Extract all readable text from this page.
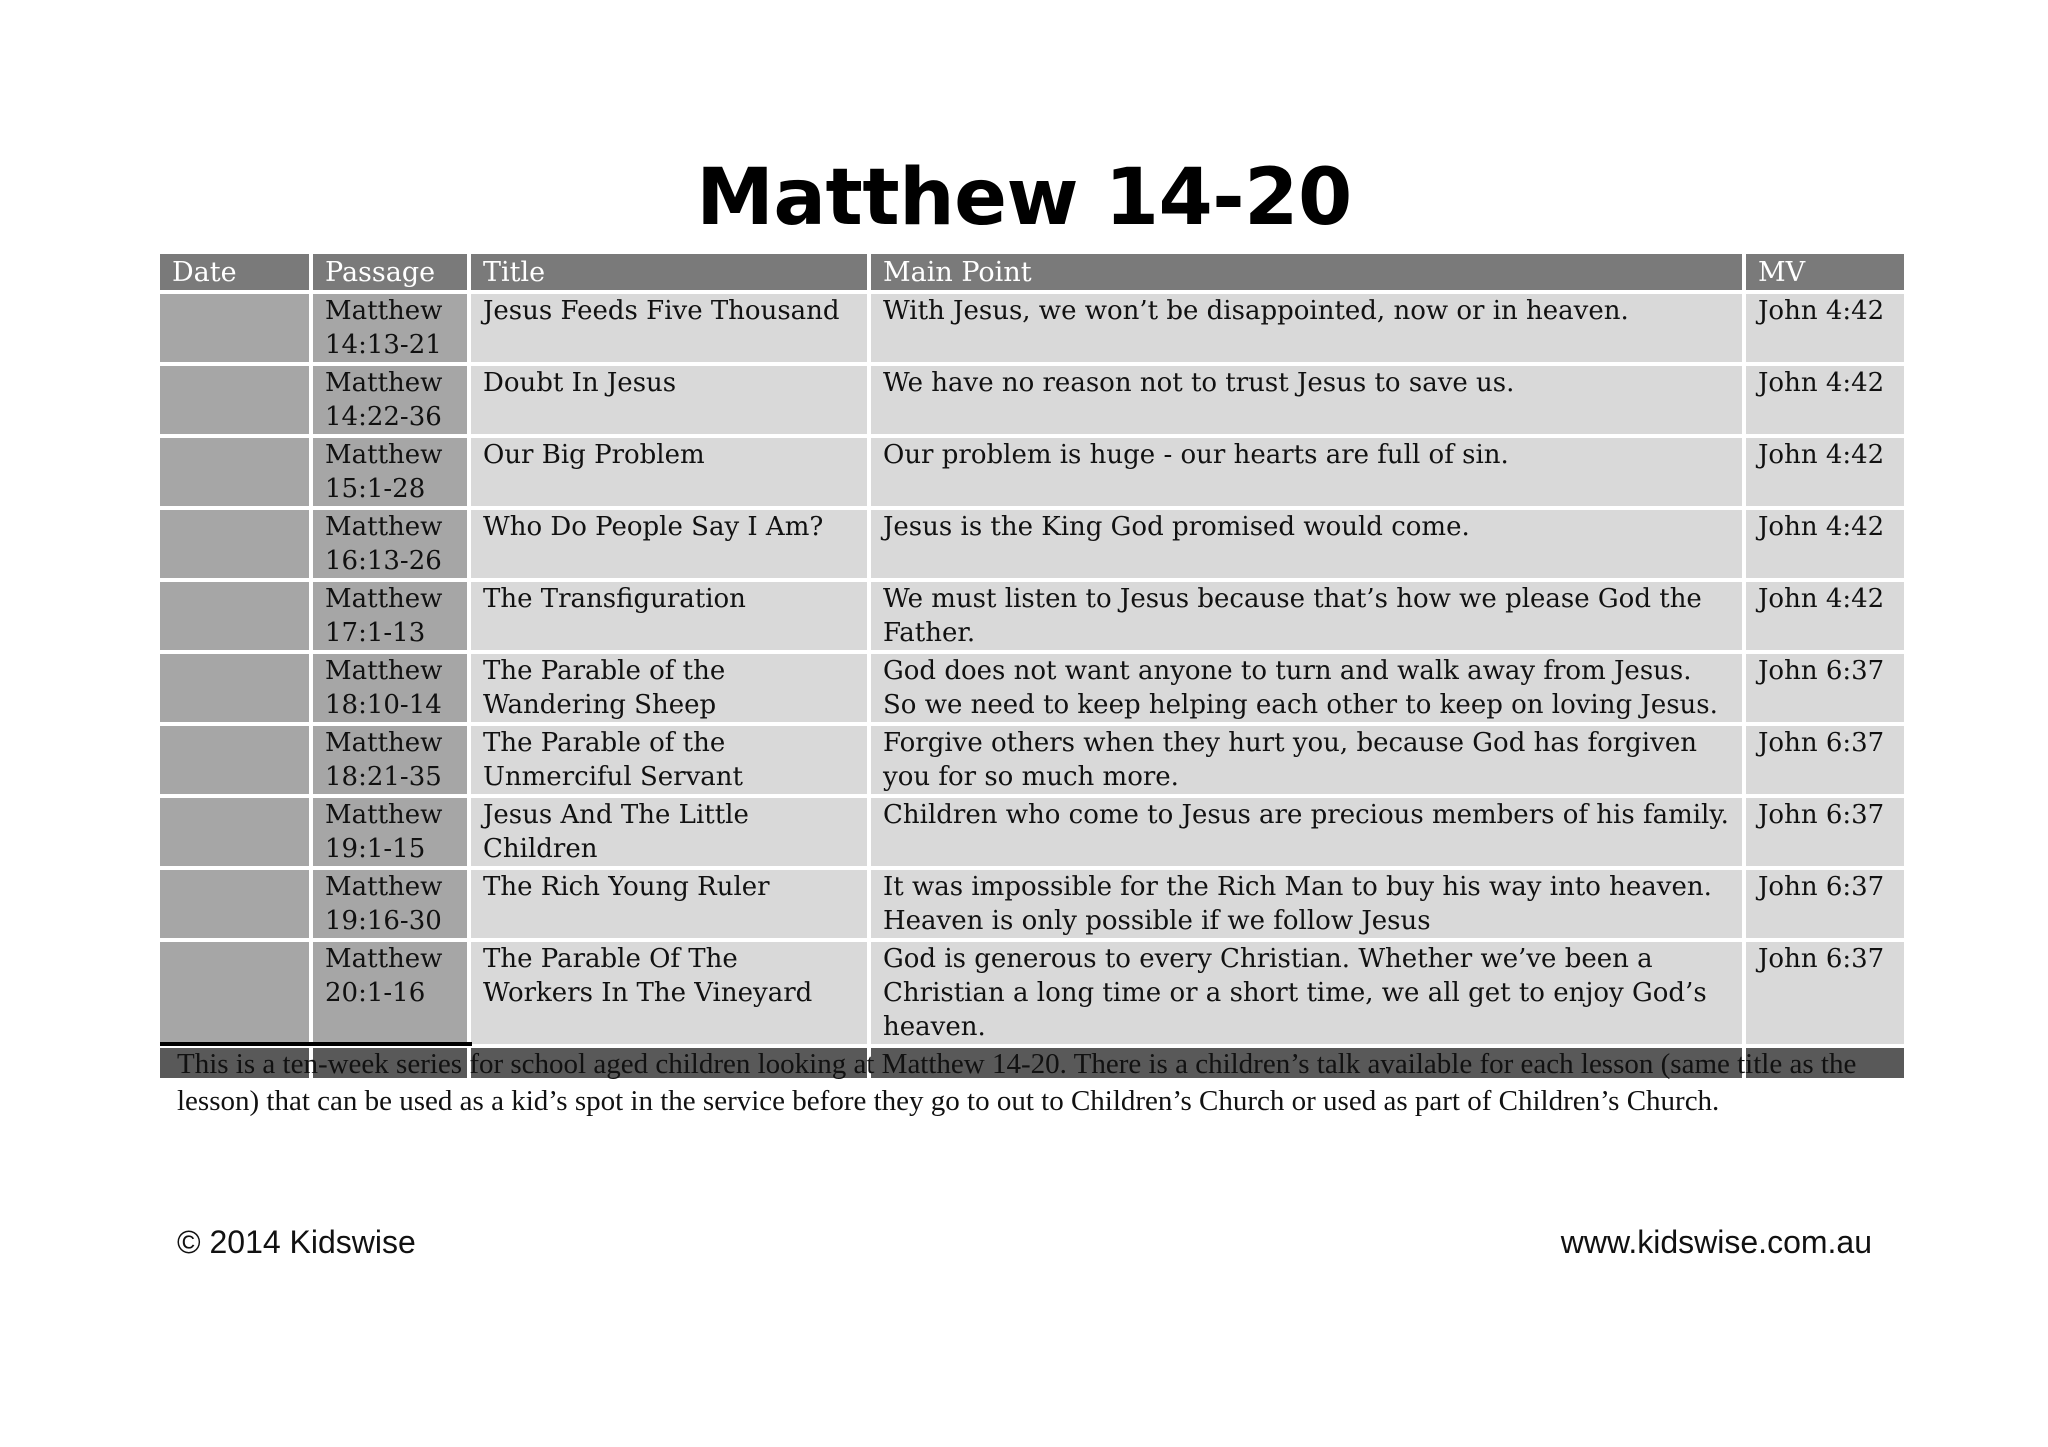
Matthew 14-20
Date	Passage	Title	Main Point	MV
	Matthew 14:13-21	Jesus Feeds Five Thousand	With Jesus, we won’t be disappointed, now or in heaven.	John 4:42
	Matthew 14:22-36	Doubt In Jesus	We have no reason not to trust Jesus to save us.	John 4:42
	Matthew 15:1-28	Our Big Problem	Our problem is huge - our hearts are full of sin.	John 4:42
	Matthew 16:13-26	Who Do People Say I Am?	Jesus is the King God promised would come.	John 4:42
	Matthew 17:1-13	The Transfiguration	We must listen to Jesus because that’s how we please God the Father.	John 4:42
	Matthew 18:10-14	The Parable of the Wandering Sheep	God does not want anyone to turn and walk away from Jesus. So we need to keep helping each other to keep on loving Jesus.	John 6:37
	Matthew 18:21-35	The Parable of the Unmerciful Servant	Forgive others when they hurt you, because God has forgiven you for so much more.	John 6:37
	Matthew 19:1-15	Jesus And The Little Children	Children who come to Jesus are precious members of his family.	John 6:37
	Matthew 19:16-30	The Rich Young Ruler	It was impossible for the Rich Man to buy his way into heaven. Heaven is only possible if we follow Jesus	John 6:37
	Matthew 20:1-16	The Parable Of The Workers In The Vineyard	God is generous to every Christian. Whether we’ve been a Christian a long time or a short time, we all get to enjoy God’s heaven.	John 6:37

This is a ten-week series for school aged children looking at Matthew 14-20. There is a children’s talk available for each lesson (same title as the lesson) that can be used as a kid’s spot in the service before they go to out to Children’s Church or used as part of Children’s Church.

© 2014 Kidswise	www.kidswise.com.au
